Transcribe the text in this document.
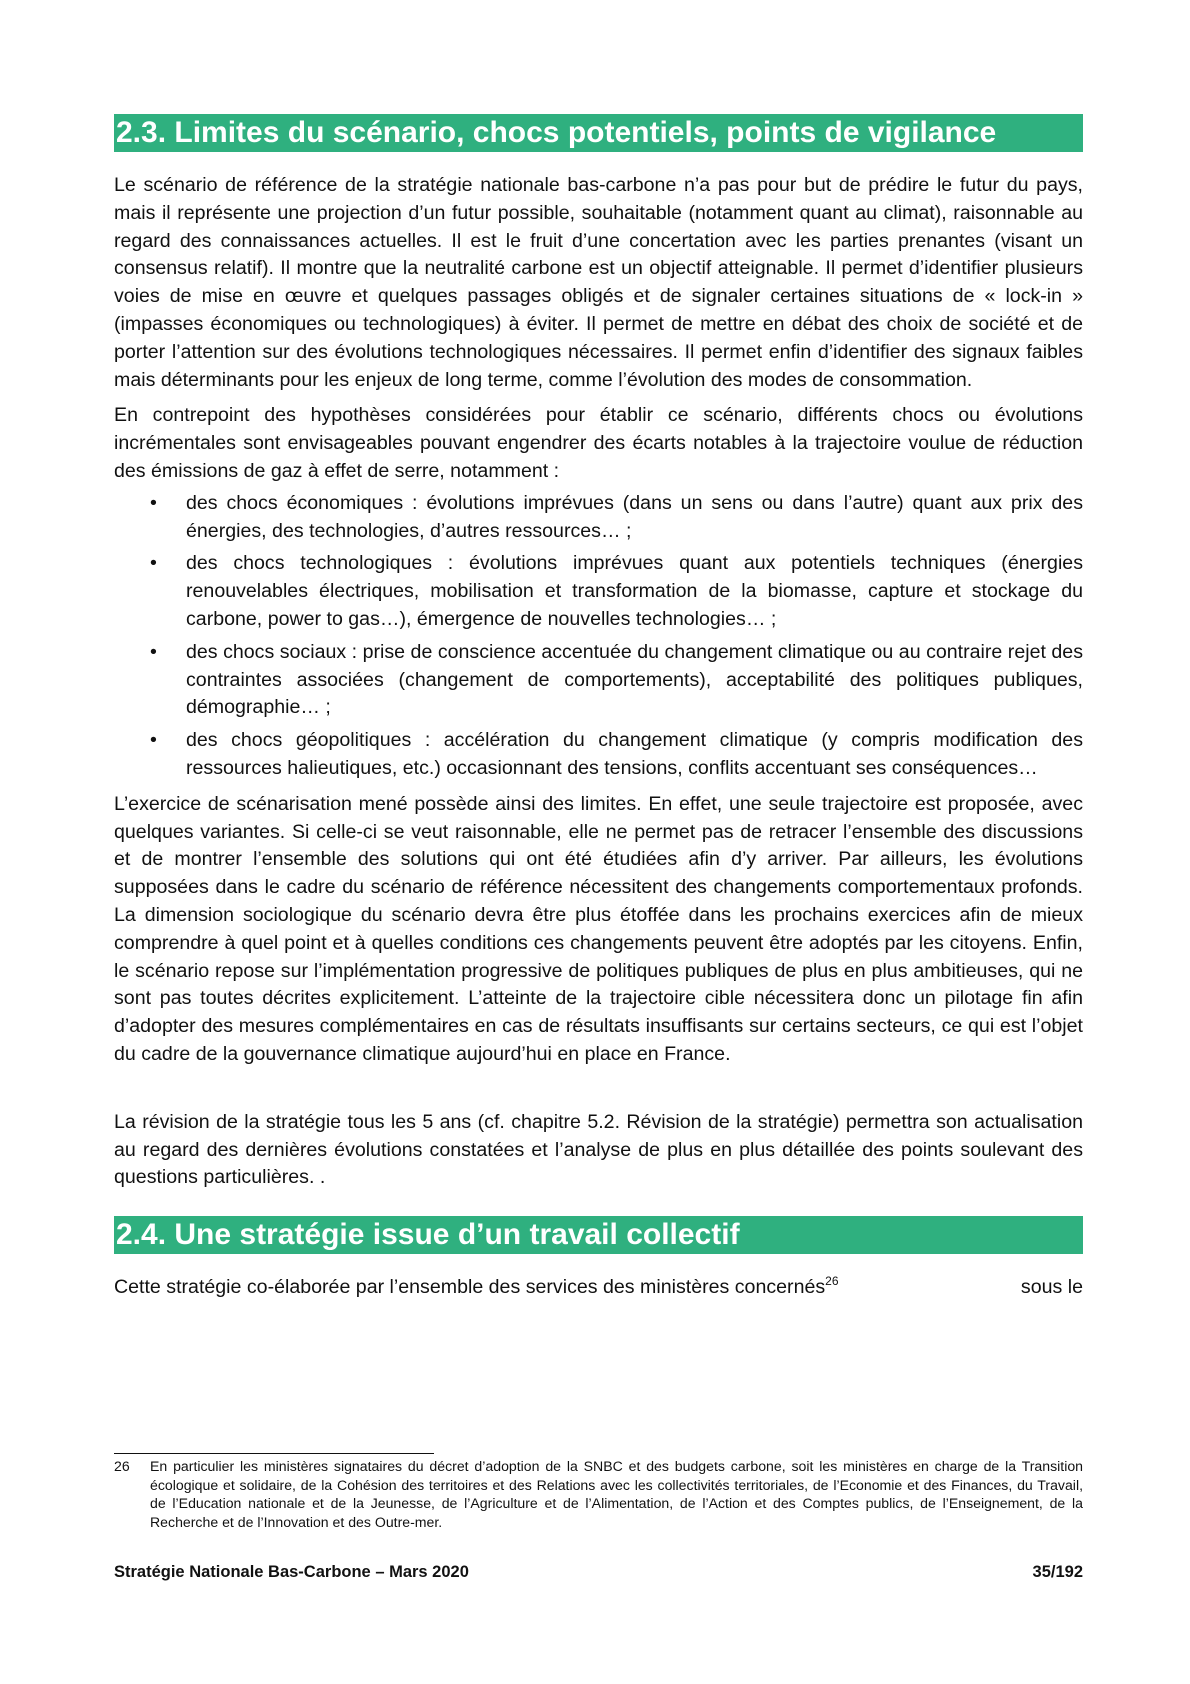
2.3. Limites du scénario, chocs potentiels, points de vigilance

Le scénario de référence de la stratégie nationale bas-carbone n’a pas pour but de prédire le futur du pays, mais il représente une projection d’un futur possible, souhaitable (notamment quant au climat), raisonnable au regard des connaissances actuelles. Il est le fruit d’une concertation avec les parties prenantes (visant un consensus relatif). Il montre que la neutralité carbone est un objectif atteignable. Il permet d’identifier plusieurs voies de mise en œuvre et quelques passages obligés et de signaler certaines situations de « lock-in » (impasses économiques ou technologiques) à éviter. Il permet de mettre en débat des choix de société et de porter l’attention sur des évolutions technologiques nécessaires. Il permet enfin d’identifier des signaux faibles mais déterminants pour les enjeux de long terme, comme l’évolution des modes de consommation.

En contrepoint des hypothèses considérées pour établir ce scénario, différents chocs ou évolutions incrémentales sont envisageables pouvant engendrer des écarts notables à la trajectoire voulue de réduction des émissions de gaz à effet de serre, notamment :

• des chocs économiques : évolutions imprévues (dans un sens ou dans l’autre) quant aux prix des énergies, des technologies, d’autres ressources… ;
• des chocs technologiques : évolutions imprévues quant aux potentiels techniques (énergies renouvelables électriques, mobilisation et transformation de la biomasse, capture et stockage du carbone, power to gas…), émergence de nouvelles technologies… ;
• des chocs sociaux : prise de conscience accentuée du changement climatique ou au contraire rejet des contraintes associées (changement de comportements), acceptabilité des politiques publiques, démographie… ;
• des chocs géopolitiques : accélération du changement climatique (y compris modification des ressources halieutiques, etc.) occasionnant des tensions, conflits accentuant ses conséquences…

L’exercice de scénarisation mené possède ainsi des limites. En effet, une seule trajectoire est proposée, avec quelques variantes. Si celle-ci se veut raisonnable, elle ne permet pas de retracer l’ensemble des discussions et de montrer l’ensemble des solutions qui ont été étudiées afin d’y arriver. Par ailleurs, les évolutions supposées dans le cadre du scénario de référence nécessitent des changements comportementaux profonds. La dimension sociologique du scénario devra être plus étoffée dans les prochains exercices afin de mieux comprendre à quel point et à quelles conditions ces changements peuvent être adoptés par les citoyens. Enfin, le scénario repose sur l’implémentation progressive de politiques publiques de plus en plus ambitieuses, qui ne sont pas toutes décrites explicitement. L’atteinte de la trajectoire cible nécessitera donc un pilotage fin afin d’adopter des mesures complémentaires en cas de résultats insuffisants sur certains secteurs, ce qui est l’objet du cadre de la gouvernance climatique aujourd’hui en place en France.

La révision de la stratégie tous les 5 ans (cf. chapitre 5.2. Révision de la stratégie) permettra son actualisation au regard des dernières évolutions constatées et l’analyse de plus en plus détaillée des points soulevant des questions particulières. .

2.4. Une stratégie issue d’un travail collectif

Cette stratégie co-élaborée par l’ensemble des services des ministères concernés$^{26}$	sous le

26	En particulier les ministères signataires du décret d’adoption de la SNBC et des budgets carbone, soit les ministères en charge de la Transition écologique et solidaire, de la Cohésion des territoires et des Relations avec les collectivités territoriales, de l’Economie et des Finances, du Travail, de l’Education nationale et de la Jeunesse, de l’Agriculture et de l’Alimentation, de l’Action et des Comptes publics, de l’Enseignement, de la Recherche et de l’Innovation et des Outre-mer.
Stratégie Nationale Bas-Carbone – Mars 2020	35/192
